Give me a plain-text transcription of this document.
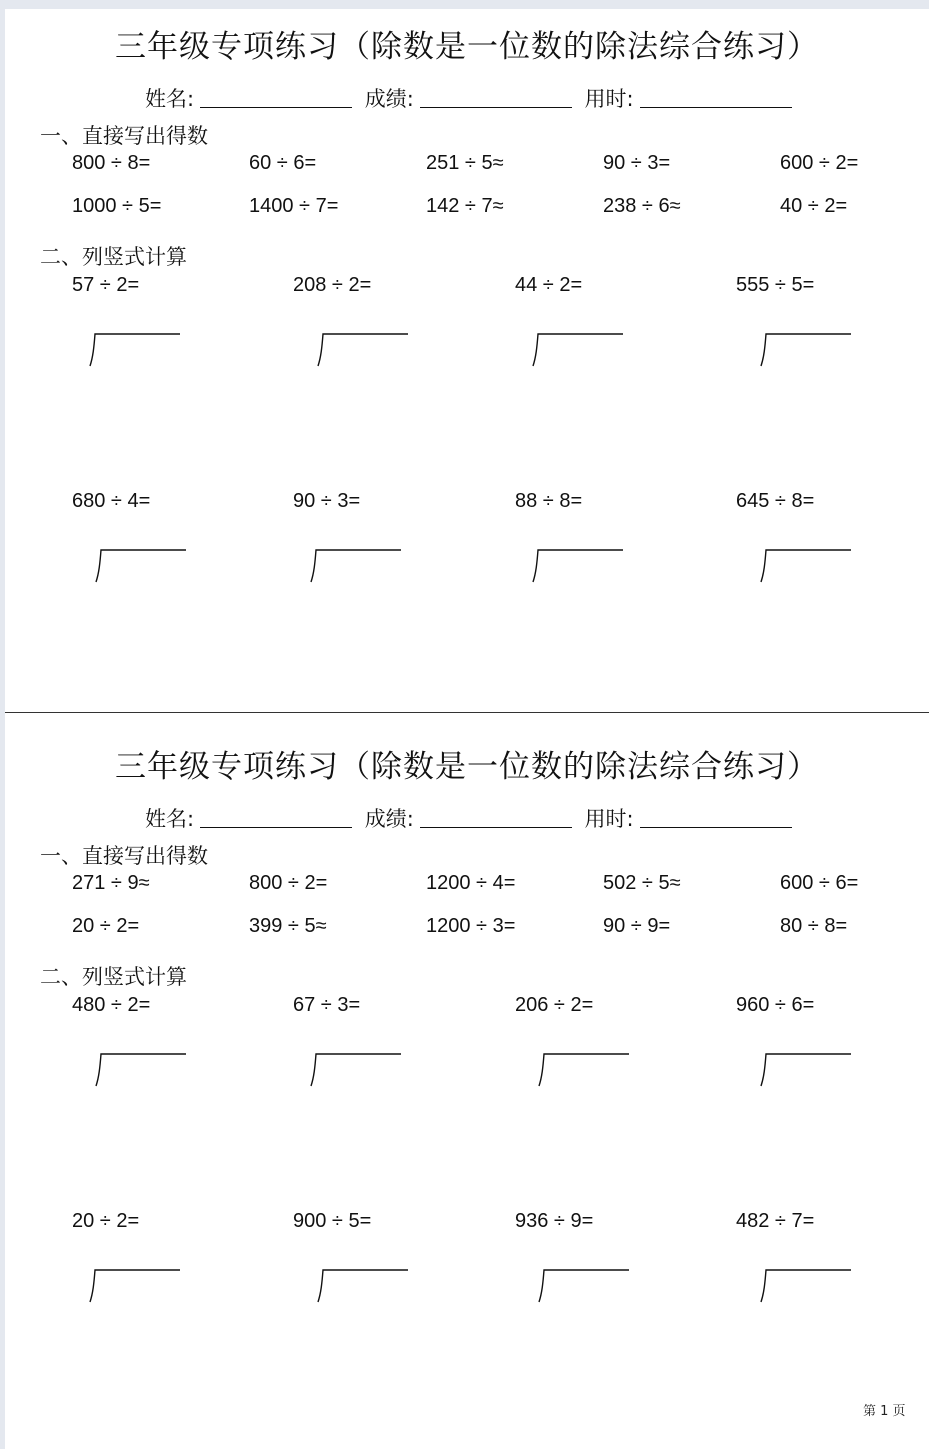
三年级专项练习（除数是一位数的除法综合练习）
姓名:	成绩:	用时:
一、直接写出得数
800 ÷ 8=	60 ÷ 6=	251 ÷ 5≈	90 ÷ 3=	600 ÷ 2=
1000 ÷ 5=	1400 ÷ 7=	142 ÷ 7≈	238 ÷ 6≈	40 ÷ 2=
二、列竖式计算
57 ÷ 2=	208 ÷ 2=	44 ÷ 2=	555 ÷ 5=
680 ÷ 4=	90 ÷ 3=	88 ÷ 8=	645 ÷ 8=
三年级专项练习（除数是一位数的除法综合练习）
姓名:	成绩:	用时:
一、直接写出得数
271 ÷ 9≈	800 ÷ 2=	1200 ÷ 4=	502 ÷ 5≈	600 ÷ 6=
20 ÷ 2=	399 ÷ 5≈	1200 ÷ 3=	90 ÷ 9=	80 ÷ 8=
二、列竖式计算
480 ÷ 2=	67 ÷ 3=	206 ÷ 2=	960 ÷ 6=
20 ÷ 2=	900 ÷ 5=	936 ÷ 9=	482 ÷ 7=
第 1 页
